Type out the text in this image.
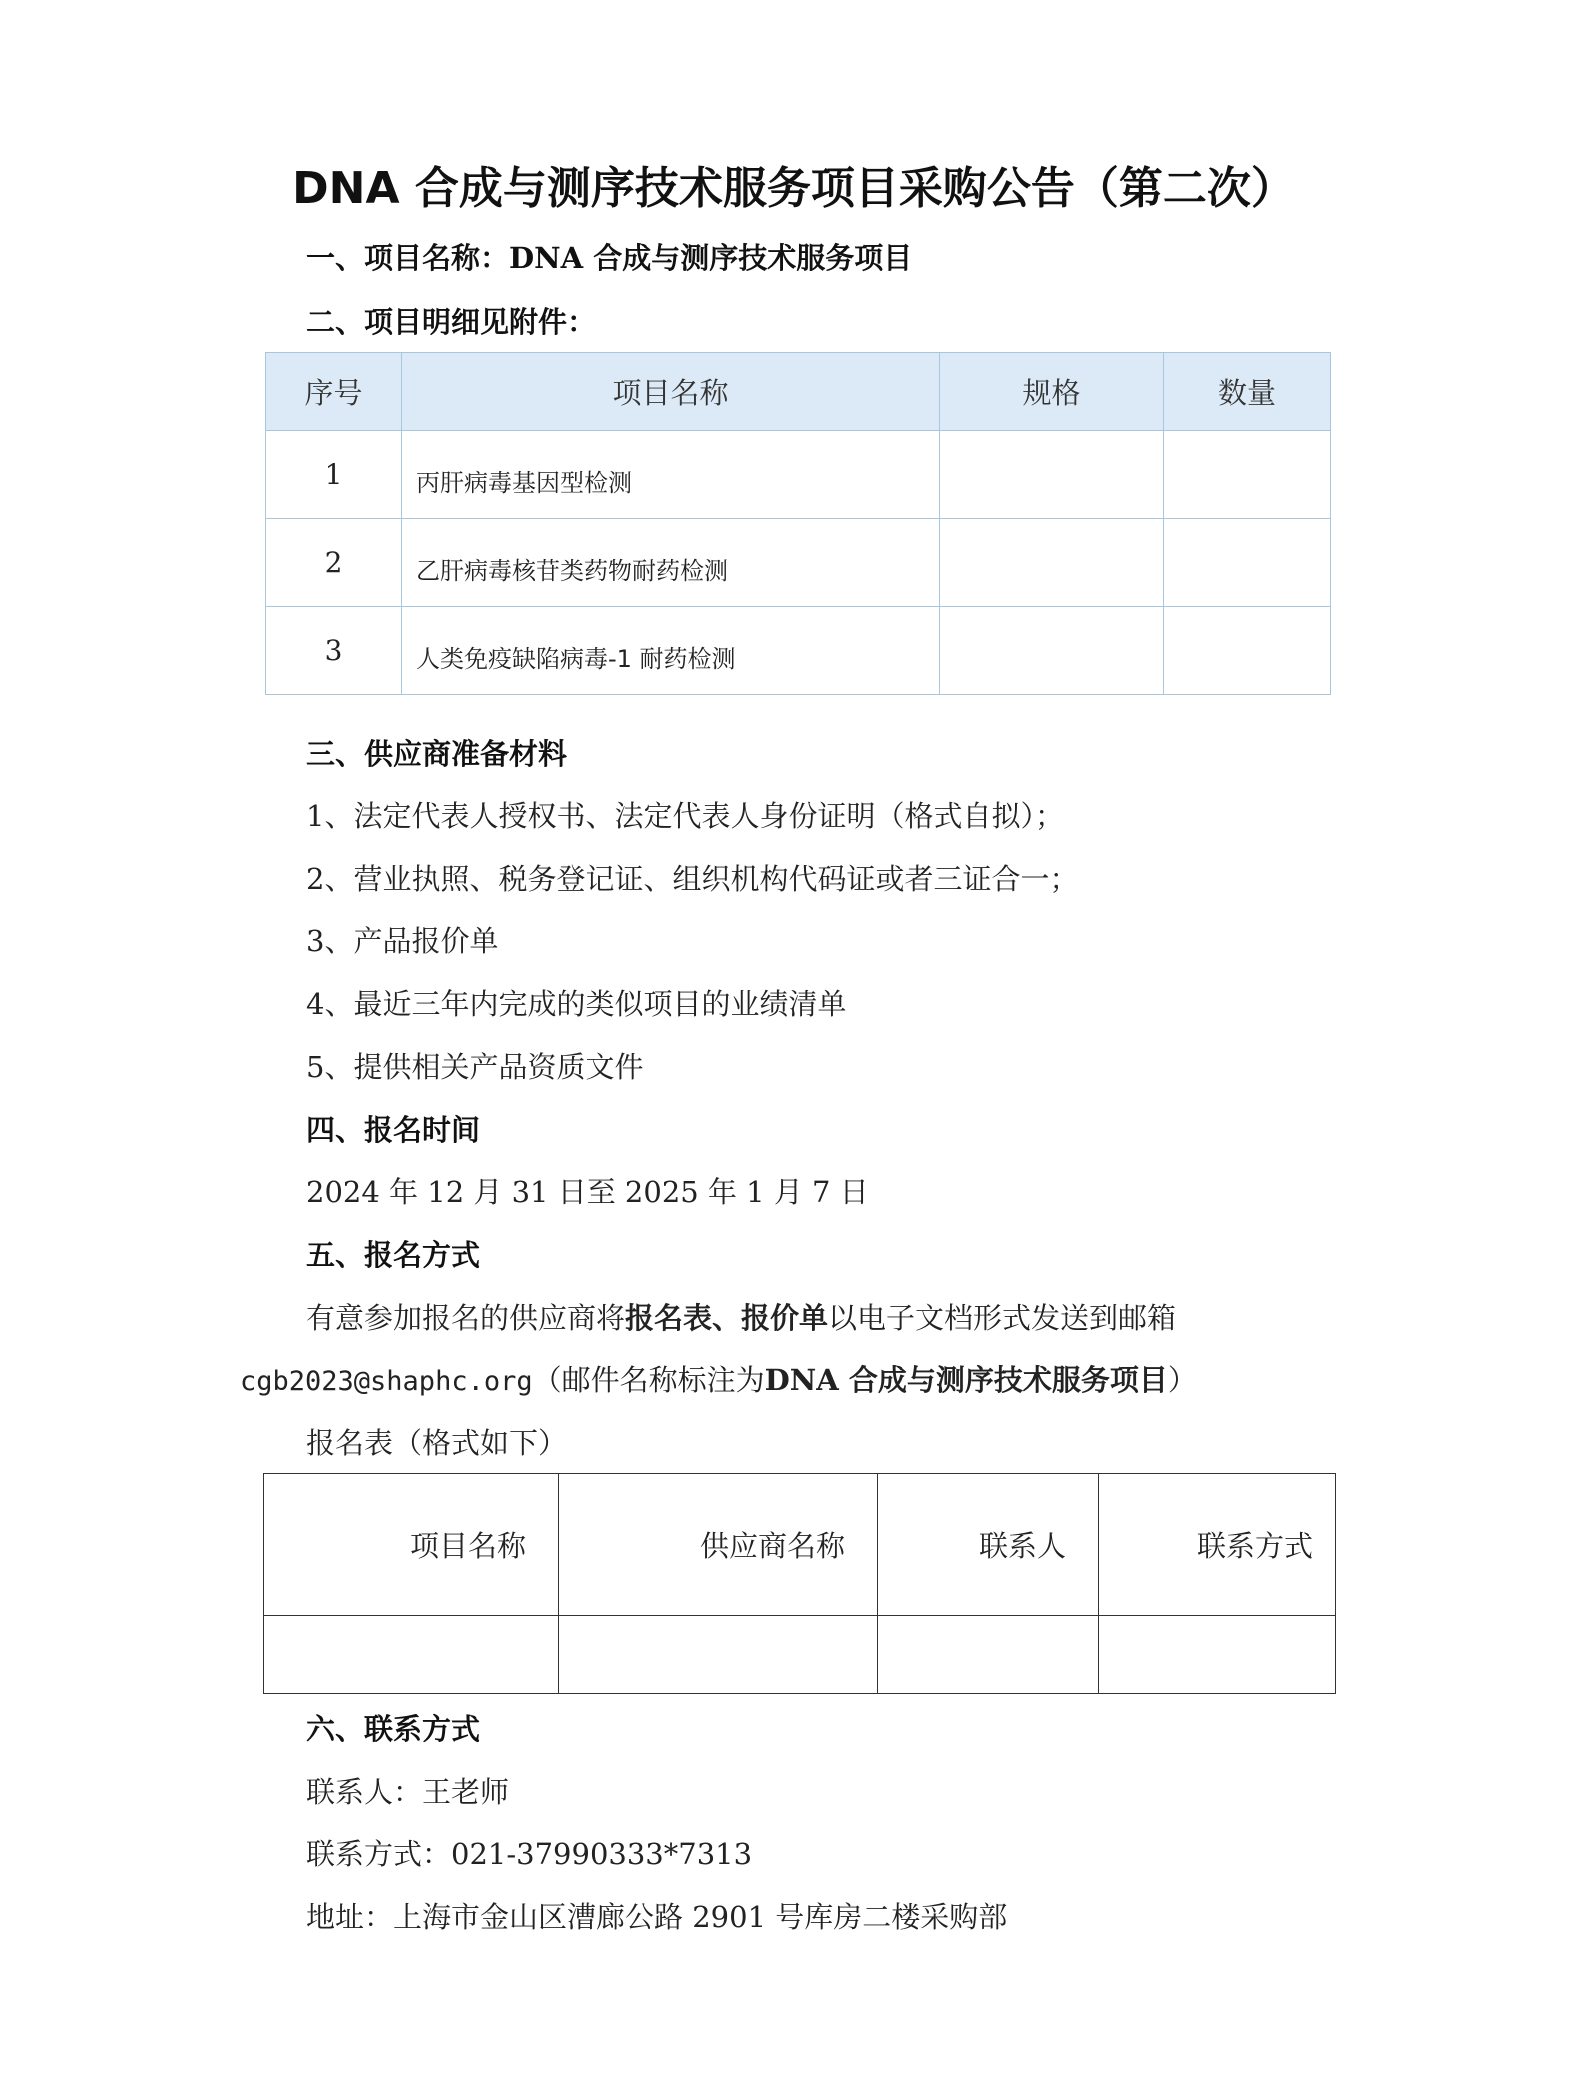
DNA 合成与测序技术服务项目采购公告（第二次）
一、项目名称：DNA 合成与测序技术服务项目
二、项目明细见附件：
序号	项目名称	规格	数量
1	丙肝病毒基因型检测		
2	乙肝病毒核苷类药物耐药检测		
3	人类免疫缺陷病毒-1 耐药检测		
三、供应商准备材料
1、法定代表人授权书、法定代表人身份证明（格式自拟）；
2、营业执照、税务登记证、组织机构代码证或者三证合一；
3、产品报价单
4、最近三年内完成的类似项目的业绩清单
5、提供相关产品资质文件
四、报名时间
2024 年 12 月 31 日至 2025 年 1 月 7 日
五、报名方式
有意参加报名的供应商将报名表、报价单以电子文档形式发送到邮箱
cgb2023@shaphc.org（邮件名称标注为DNA 合成与测序技术服务项目）
报名表（格式如下）
项目名称	供应商名称	联系人	联系方式

六、联系方式
联系人：王老师
联系方式：021-37990333*7313
地址：上海市金山区漕廊公路 2901 号库房二楼采购部
